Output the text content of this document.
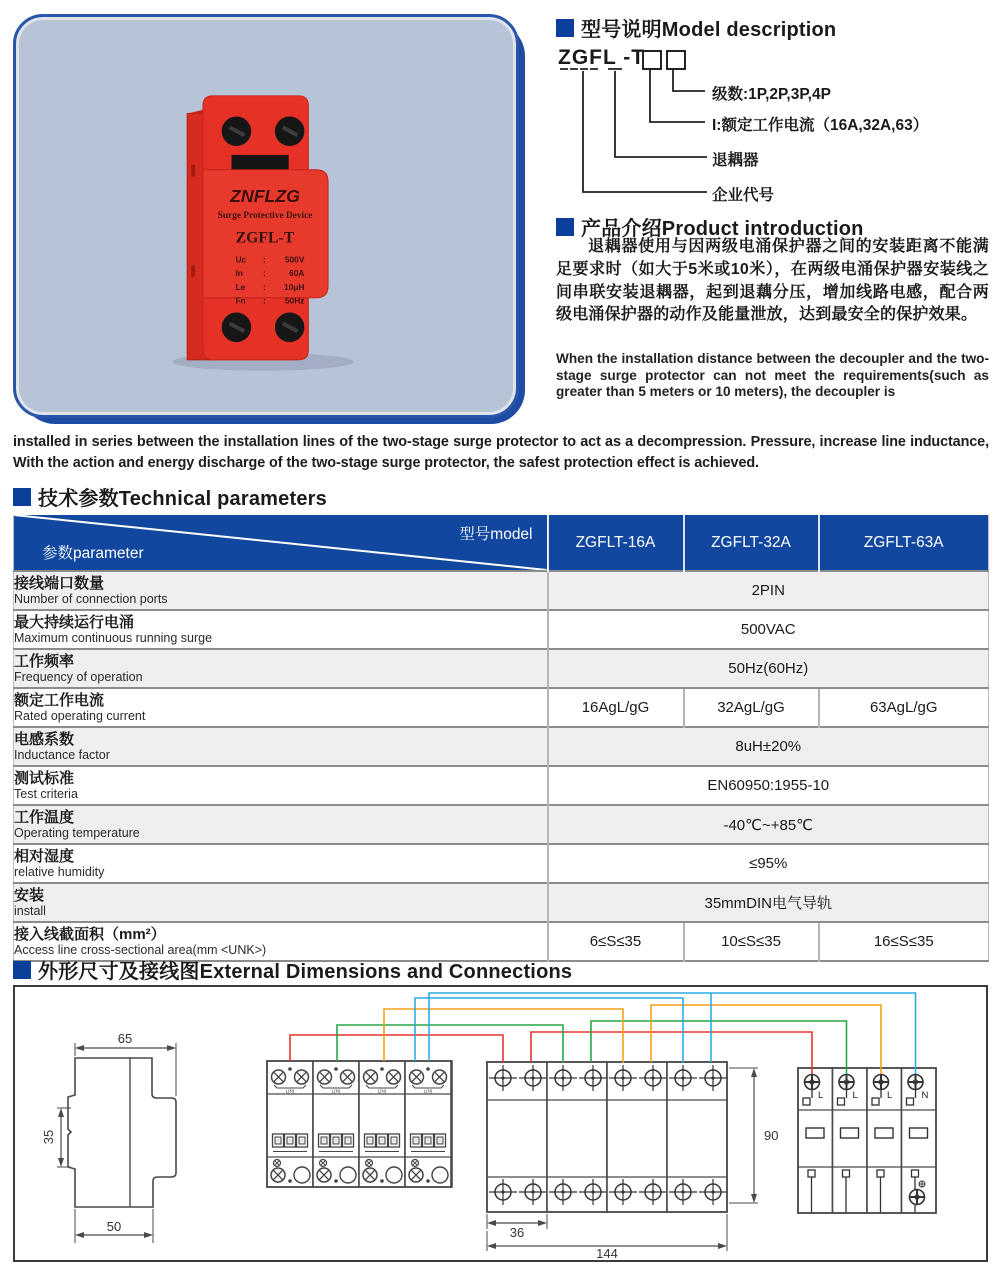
ZNFLZG
Surge Protective Device
ZGFL-T
Uc : 500V
In :	60A
Le : 10μH
Fn : 50Hz
型号说明Model description
ZGFL -T
级数:1P,2P,3P,4P
I:额定工作电流（16A,32A,63）
退耦器
企业代号
产品介绍Product introduction
退耦器使用与因两级电涌保护器之间的安装距离不能满足要求时（如大于5米或10米），在两级电涌保护器安装线之间串联安装退耦器，起到退藕分压，增加线路电感，配合两级电涌保护器的动作及能量泄放，达到最安全的保护效果。
When the installation distance between the decoupler and the two-stage surge protector can not meet the requirements(such as greater than 5 meters or 10 meters), the decoupler is
installed in series between the installation lines of the two-stage surge protector to act as a decompression. Pressure, increase line inductance, With the action and energy discharge of the two-stage surge protector, the safest protection effect is achieved.
技术参数Technical parameters
型号model
参数parameter	ZGFLT-16A	ZGFLT-32A	ZGFLT-63A

接线端口数量
Number of connection ports	2PIN		

最大持续运行电涌
Maximum continuous running surge	500VAC		

工作频率
Frequency of operation	50Hz(60Hz)		

额定工作电流
Rated operating current	16AgL/gG	32AgL/gG	63AgL/gG

电感系数
Inductance factor	8uH±20%		

测试标准
Test criteria	EN60950:1955-10		

工作温度
Operating temperature	-40℃~+85℃		

相对湿度
relative humidity	≤95%		

安装
install	35mmDIN电气导轨		

接入线截面积（mm²）
Access line cross-sectional area(mm <UNK>)	6≤S≤35	10≤S≤35	16≤S≤35
外形尺寸及接线图External Dimensions and Connections
L(N)
65
35
50
90
36
144
L	L	L	N
